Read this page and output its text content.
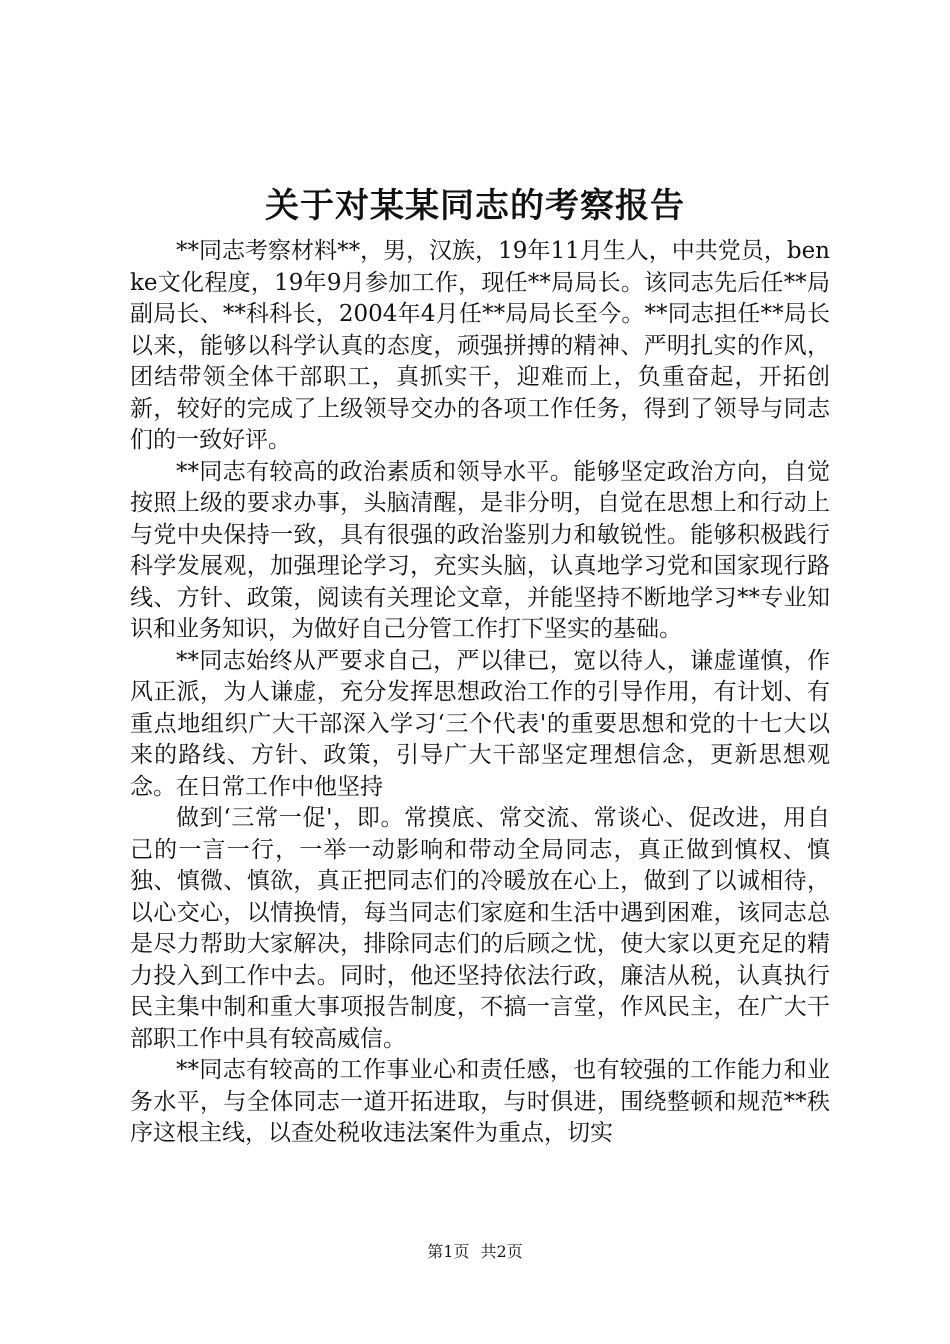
关于对某某同志的考察报告

**同志考察材料**，男，汉族，19年11月生人，中共党员，benke文化程度，19年9月参加工作，现任**局局长。该同志先后任**局副局长、**科科长，2004年4月任**局局长至今。**同志担任**局长以来，能够以科学认真的态度，顽强拼搏的精神、严明扎实的作风，团结带领全体干部职工，真抓实干，迎难而上，负重奋起，开拓创新，较好的完成了上级领导交办的各项工作任务，得到了领导与同志们的一致好评。

**同志有较高的政治素质和领导水平。能够坚定政治方向，自觉按照上级的要求办事，头脑清醒，是非分明，自觉在思想上和行动上与党中央保持一致，具有很强的政治鉴别力和敏锐性。能够积极践行科学发展观，加强理论学习，充实头脑，认真地学习党和国家现行路线、方针、政策，阅读有关理论文章，并能坚持不断地学习**专业知识和业务知识，为做好自己分管工作打下坚实的基础。

**同志始终从严要求自己，严以律已，宽以待人，谦虚谨慎，作风正派，为人谦虚，充分发挥思想政治工作的引导作用，有计划、有重点地组织广大干部深入学习‘三个代表'的重要思想和党的十七大以来的路线、方针、政策，引导广大干部坚定理想信念，更新思想观念。在日常工作中他坚持

做到‘三常一促'，即。常摸底、常交流、常谈心、促改进，用自己的一言一行，一举一动影响和带动全局同志，真正做到慎权、慎独、慎微、慎欲，真正把同志们的冷暖放在心上，做到了以诚相待，以心交心，以情换情，每当同志们家庭和生活中遇到困难，该同志总是尽力帮助大家解决，排除同志们的后顾之忧，使大家以更充足的精力投入到工作中去。同时，他还坚持依法行政，廉洁从税，认真执行民主集中制和重大事项报告制度，不搞一言堂，作风民主，在广大干部职工作中具有较高威信。

**同志有较高的工作事业心和责任感，也有较强的工作能力和业务水平，与全体同志一道开拓进取，与时俱进，围绕整顿和规范**秩序这根主线，以查处税收违法案件为重点，切实

第1页 共2页
